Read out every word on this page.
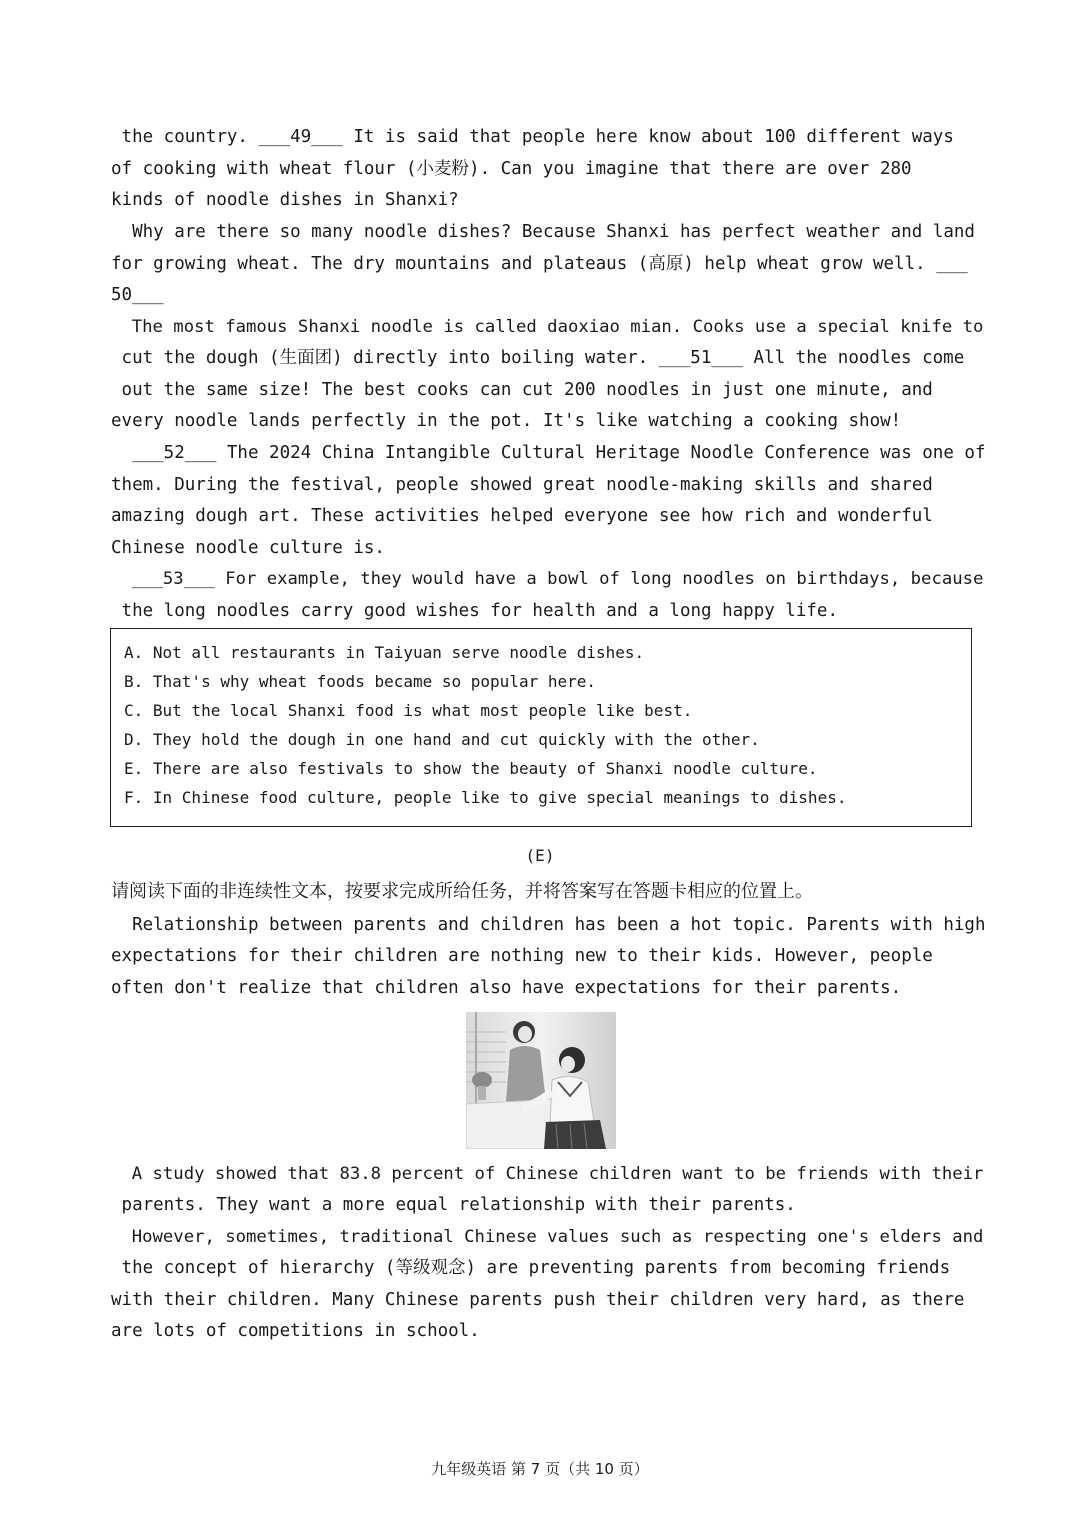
the country. ___49___ It is said that people here know about 100 different ways
of cooking with wheat flour (小麦粉). Can you imagine that there are over 280
kinds of noodle dishes in Shanxi?
Why are there so many noodle dishes? Because Shanxi has perfect weather and land
for growing wheat. The dry mountains and plateaus (高原) help wheat grow well. ___
50___
The most famous Shanxi noodle is called daoxiao mian. Cooks use a special knife to
cut the dough (生面团) directly into boiling water. ___51___ All the noodles come
out the same size! The best cooks can cut 200 noodles in just one minute, and
every noodle lands perfectly in the pot. It's like watching a cooking show!
___52___ The 2024 China Intangible Cultural Heritage Noodle Conference was one of
them. During the festival, people showed great noodle-making skills and shared
amazing dough art. These activities helped everyone see how rich and wonderful
Chinese noodle culture is.
___53___ For example, they would have a bowl of long noodles on birthdays, because
the long noodles carry good wishes for health and a long happy life.
A. Not all restaurants in Taiyuan serve noodle dishes.
B. That's why wheat foods became so popular here.
C. But the local Shanxi food is what most people like best.
D. They hold the dough in one hand and cut quickly with the other.
E. There are also festivals to show the beauty of Shanxi noodle culture.
F. In Chinese food culture, people like to give special meanings to dishes.
(E)
请阅读下面的非连续性文本，按要求完成所给任务，并将答案写在答题卡相应的位置上。
Relationship between parents and children has been a hot topic. Parents with high
expectations for their children are nothing new to their kids. However, people
often don't realize that children also have expectations for their parents.
A study showed that 83.8 percent of Chinese children want to be friends with their
parents. They want a more equal relationship with their parents.
However, sometimes, traditional Chinese values such as respecting one's elders and
the concept of hierarchy (等级观念) are preventing parents from becoming friends
with their children. Many Chinese parents push their children very hard, as there
are lots of competitions in school.
九年级英语 第 7 页（共 10 页）
